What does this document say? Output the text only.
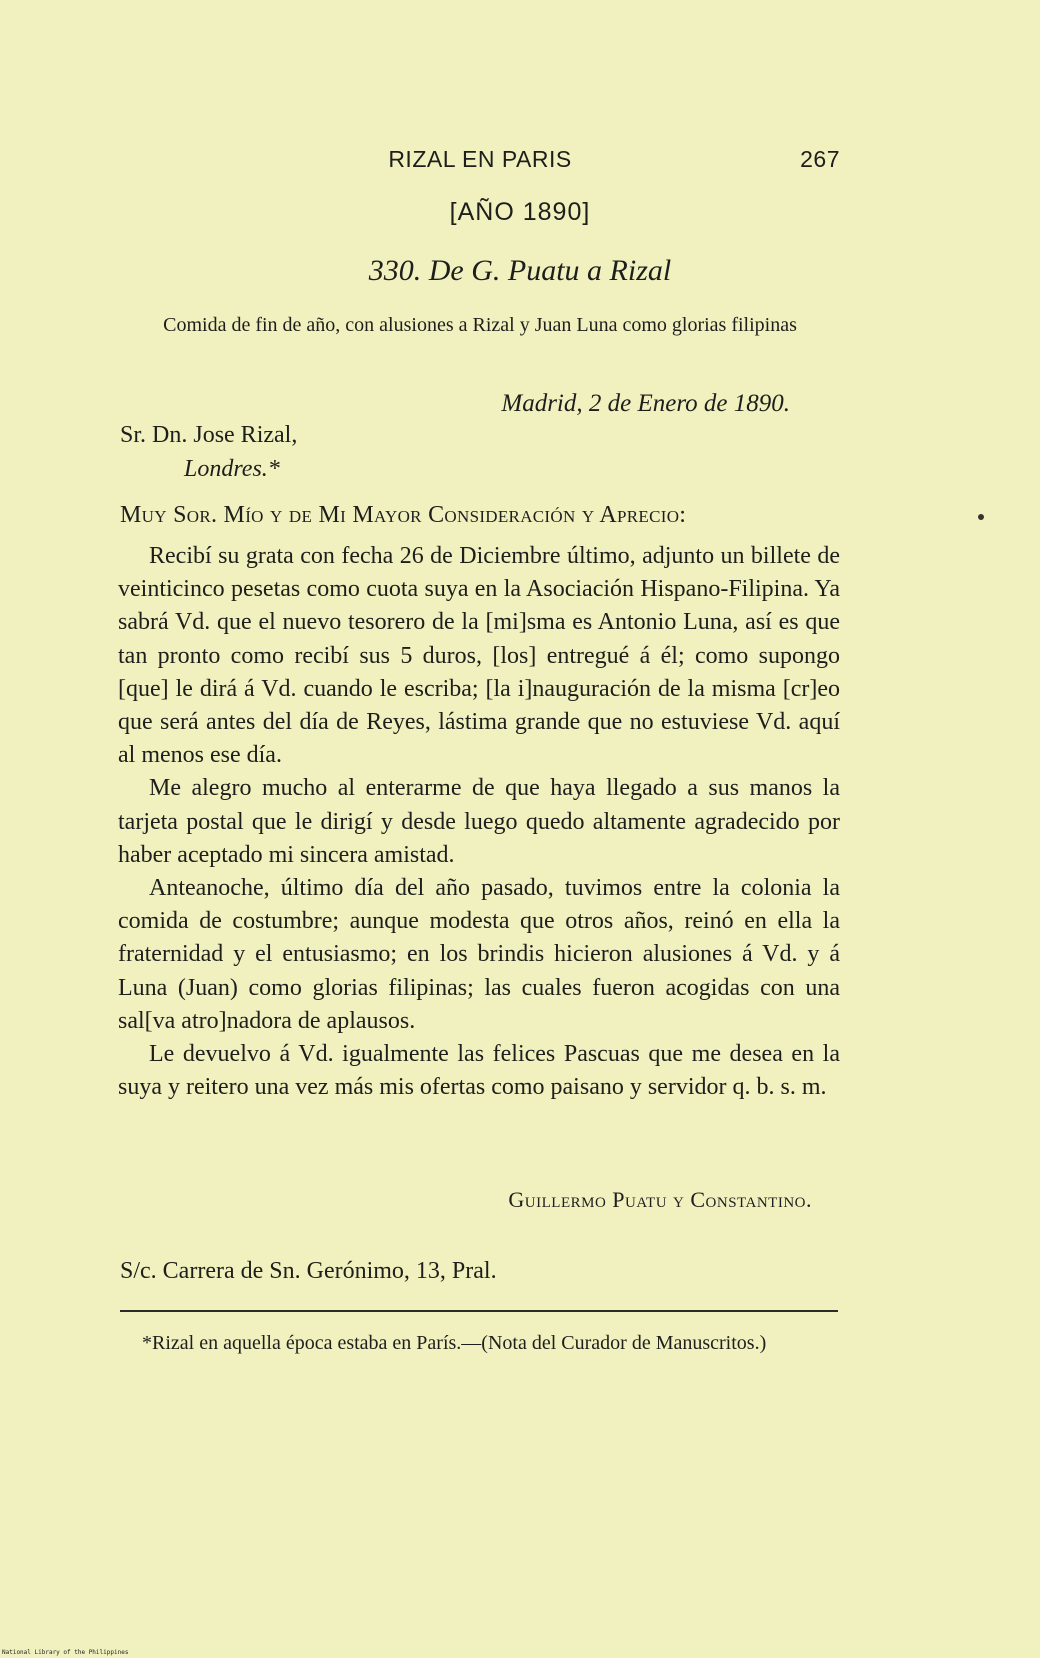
RIZAL EN PARIS	267
[AÑO 1890]
330. De G. Puatu a Rizal
Comida de fin de año, con alusiones a Rizal y Juan Luna como glorias filipinas
Madrid, 2 de Enero de 1890.
Sr. Dn. Jose Rizal,
Londres.*
Muy Sor. Mío y de Mi Mayor Consideración y Aprecio:

Recibí su grata con fecha 26 de Diciembre último, adjunto un billete de veinticinco pesetas como cuota suya en la Asociación Hispano-Filipina. Ya sabrá Vd. que el nuevo tesorero de la [mi]sma es Antonio Luna, así es que tan pronto como recibí sus 5 duros, [los] entregué á él; como supongo [que] le dirá á Vd. cuando le escriba; [la i]nauguración de la misma [cr]eo que será antes del día de Reyes, lástima grande que no estuviese Vd. aquí al menos ese día.

Me alegro mucho al enterarme de que haya llegado a sus manos la tarjeta postal que le dirigí y desde luego quedo altamente agradecido por haber aceptado mi sincera amistad.

Anteanoche, último día del año pasado, tuvimos entre la colonia la comida de costumbre; aunque modesta que otros años, reinó en ella la fraternidad y el entusiasmo; en los brindis hicieron alusiones á Vd. y á Luna (Juan) como glorias filipinas; las cuales fueron acogidas con una sal[va atro]nadora de aplausos.

Le devuelvo á Vd. igualmente las felices Pascuas que me desea en la suya y reitero una vez más mis ofertas como paisano y servidor q. b. s. m.

Guillermo Puatu y Constantino.
S/c. Carrera de Sn. Gerónimo, 13, Pral.

*Rizal en aquella época estaba en París.—(Nota del Curador de Manuscritos.)

National Library of the Philippines
